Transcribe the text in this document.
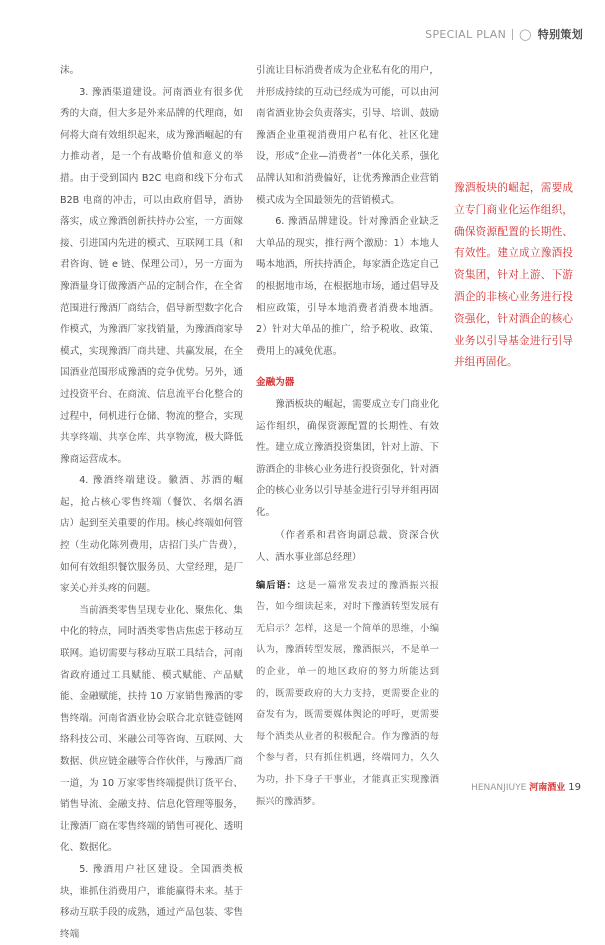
SPECIAL PLAN ◯ 特别策划

沫。

3. 豫酒渠道建设。河南酒业有很多优秀的大商，但大多是外来品牌的代理商，如何将大商有效组织起来，成为豫酒崛起的有力推动者，是一个有战略价值和意义的举措。由于受到国内 B2C 电商和线下分布式 B2B 电商的冲击，可以由政府倡导，酒协落实，成立豫酒创新扶持办公室，一方面嫁接、引进国内先进的模式、互联网工具（和君咨询、链 e 链、保理公司），另一方面为豫酒量身订做豫酒产品的定制合作，在全省范围进行豫酒厂商结合，倡导新型数字化合作模式，为豫酒厂家找销量，为豫酒商家导模式，实现豫酒厂商共建、共赢发展，在全国酒业范围形成豫酒的竞争优势。另外，通过投资平台、在商流、信息流平台化整合的过程中，伺机进行仓储、物流的整合，实现共享终端、共享仓库、共享物流，极大降低豫商运营成本。

4. 豫酒终端建设。徽酒、苏酒的崛起，抢占核心零售终端（餐饮、名烟名酒店）起到至关重要的作用。核心终端如何管控（生动化陈列费用，店招门头广告费），如何有效组织餐饮服务员、大堂经理，是厂家关心并头疼的问题。

当前酒类零售呈现专业化、聚焦化、集中化的特点，同时酒类零售店焦虑于移动互联网。追切需要与移动互联工具结合，河南省政府通过工具赋能、模式赋能、产品赋能、金融赋能，扶持 10 万家销售豫酒的零售终端。河南省酒业协会联合北京链壹链网络科技公司、米融公司等咨询、互联网、大数据、供应链金融等合作伙伴，与豫酒厂商一道，为 10 万家零售终端提供订货平台、销售导流、金融支持、信息化管理等服务，让豫酒厂商在零售终端的销售可视化、透明化、数据化。

5. 豫酒用户社区建设。全国酒类板块，谁抓住消费用户，谁能赢得未来。基于移动互联手段的成熟，通过产品包装、零售终端

引流让目标消费者成为企业私有化的用户，并形成持续的互动已经成为可能，可以由河南省酒业协会负责落实，引导、培训、鼓励豫酒企业重视消费用户私有化、社区化建设，形成“企业—消费者”一体化关系，强化品牌认知和消费偏好，让优秀豫酒企业营销模式成为全国最领先的营销模式。

6. 豫酒品牌建设。针对豫酒企业缺乏大单品的现实，推行两个激励：1）本地人喝本地酒，所扶持酒企，每家酒企选定自己的根据地市场，在根据地市场，通过倡导及相应政策，引导本地消费者消费本地酒。2）针对大单品的推广，给予税收、政策、费用上的减免优惠。

金融为器

豫酒板块的崛起，需要成立专门商业化运作组织，确保资源配置的长期性、有效性。建立成立豫酒投资集团，针对上游、下游酒企的非核心业务进行投资强化，针对酒企的核心业务以引导基金进行引导并组再固化。

（作者系和君咨询副总裁、资深合伙人、酒水事业部总经理）

编后语：这是一篇常发表过的豫酒振兴报告，如今细读起来，对时下豫酒转型发展有无启示？怎样，这是一个简单的思维，小编认为，豫酒转型发展，豫酒振兴，不是单一的企业，单一的地区政府的努力所能达到的，既需要政府的大力支持，更需要企业的奋发有为，既需要媒体舆论的呼吁，更需要每个酒类从业者的积极配合。作为豫酒的每个参与者，只有抓住机遇，终端同力，久久为功，扑下身子干事业，才能真正实现豫酒振兴的豫酒梦。
豫酒板块的崛起，需要成立专门商业化运作组织，确保资源配置的长期性、有效性。建立成立豫酒投资集团，针对上游、下游酒企的非核心业务进行投资强化，针对酒企的核心业务以引导基金进行引导并组再固化。
HENANJIUYE 河南酒业 19
